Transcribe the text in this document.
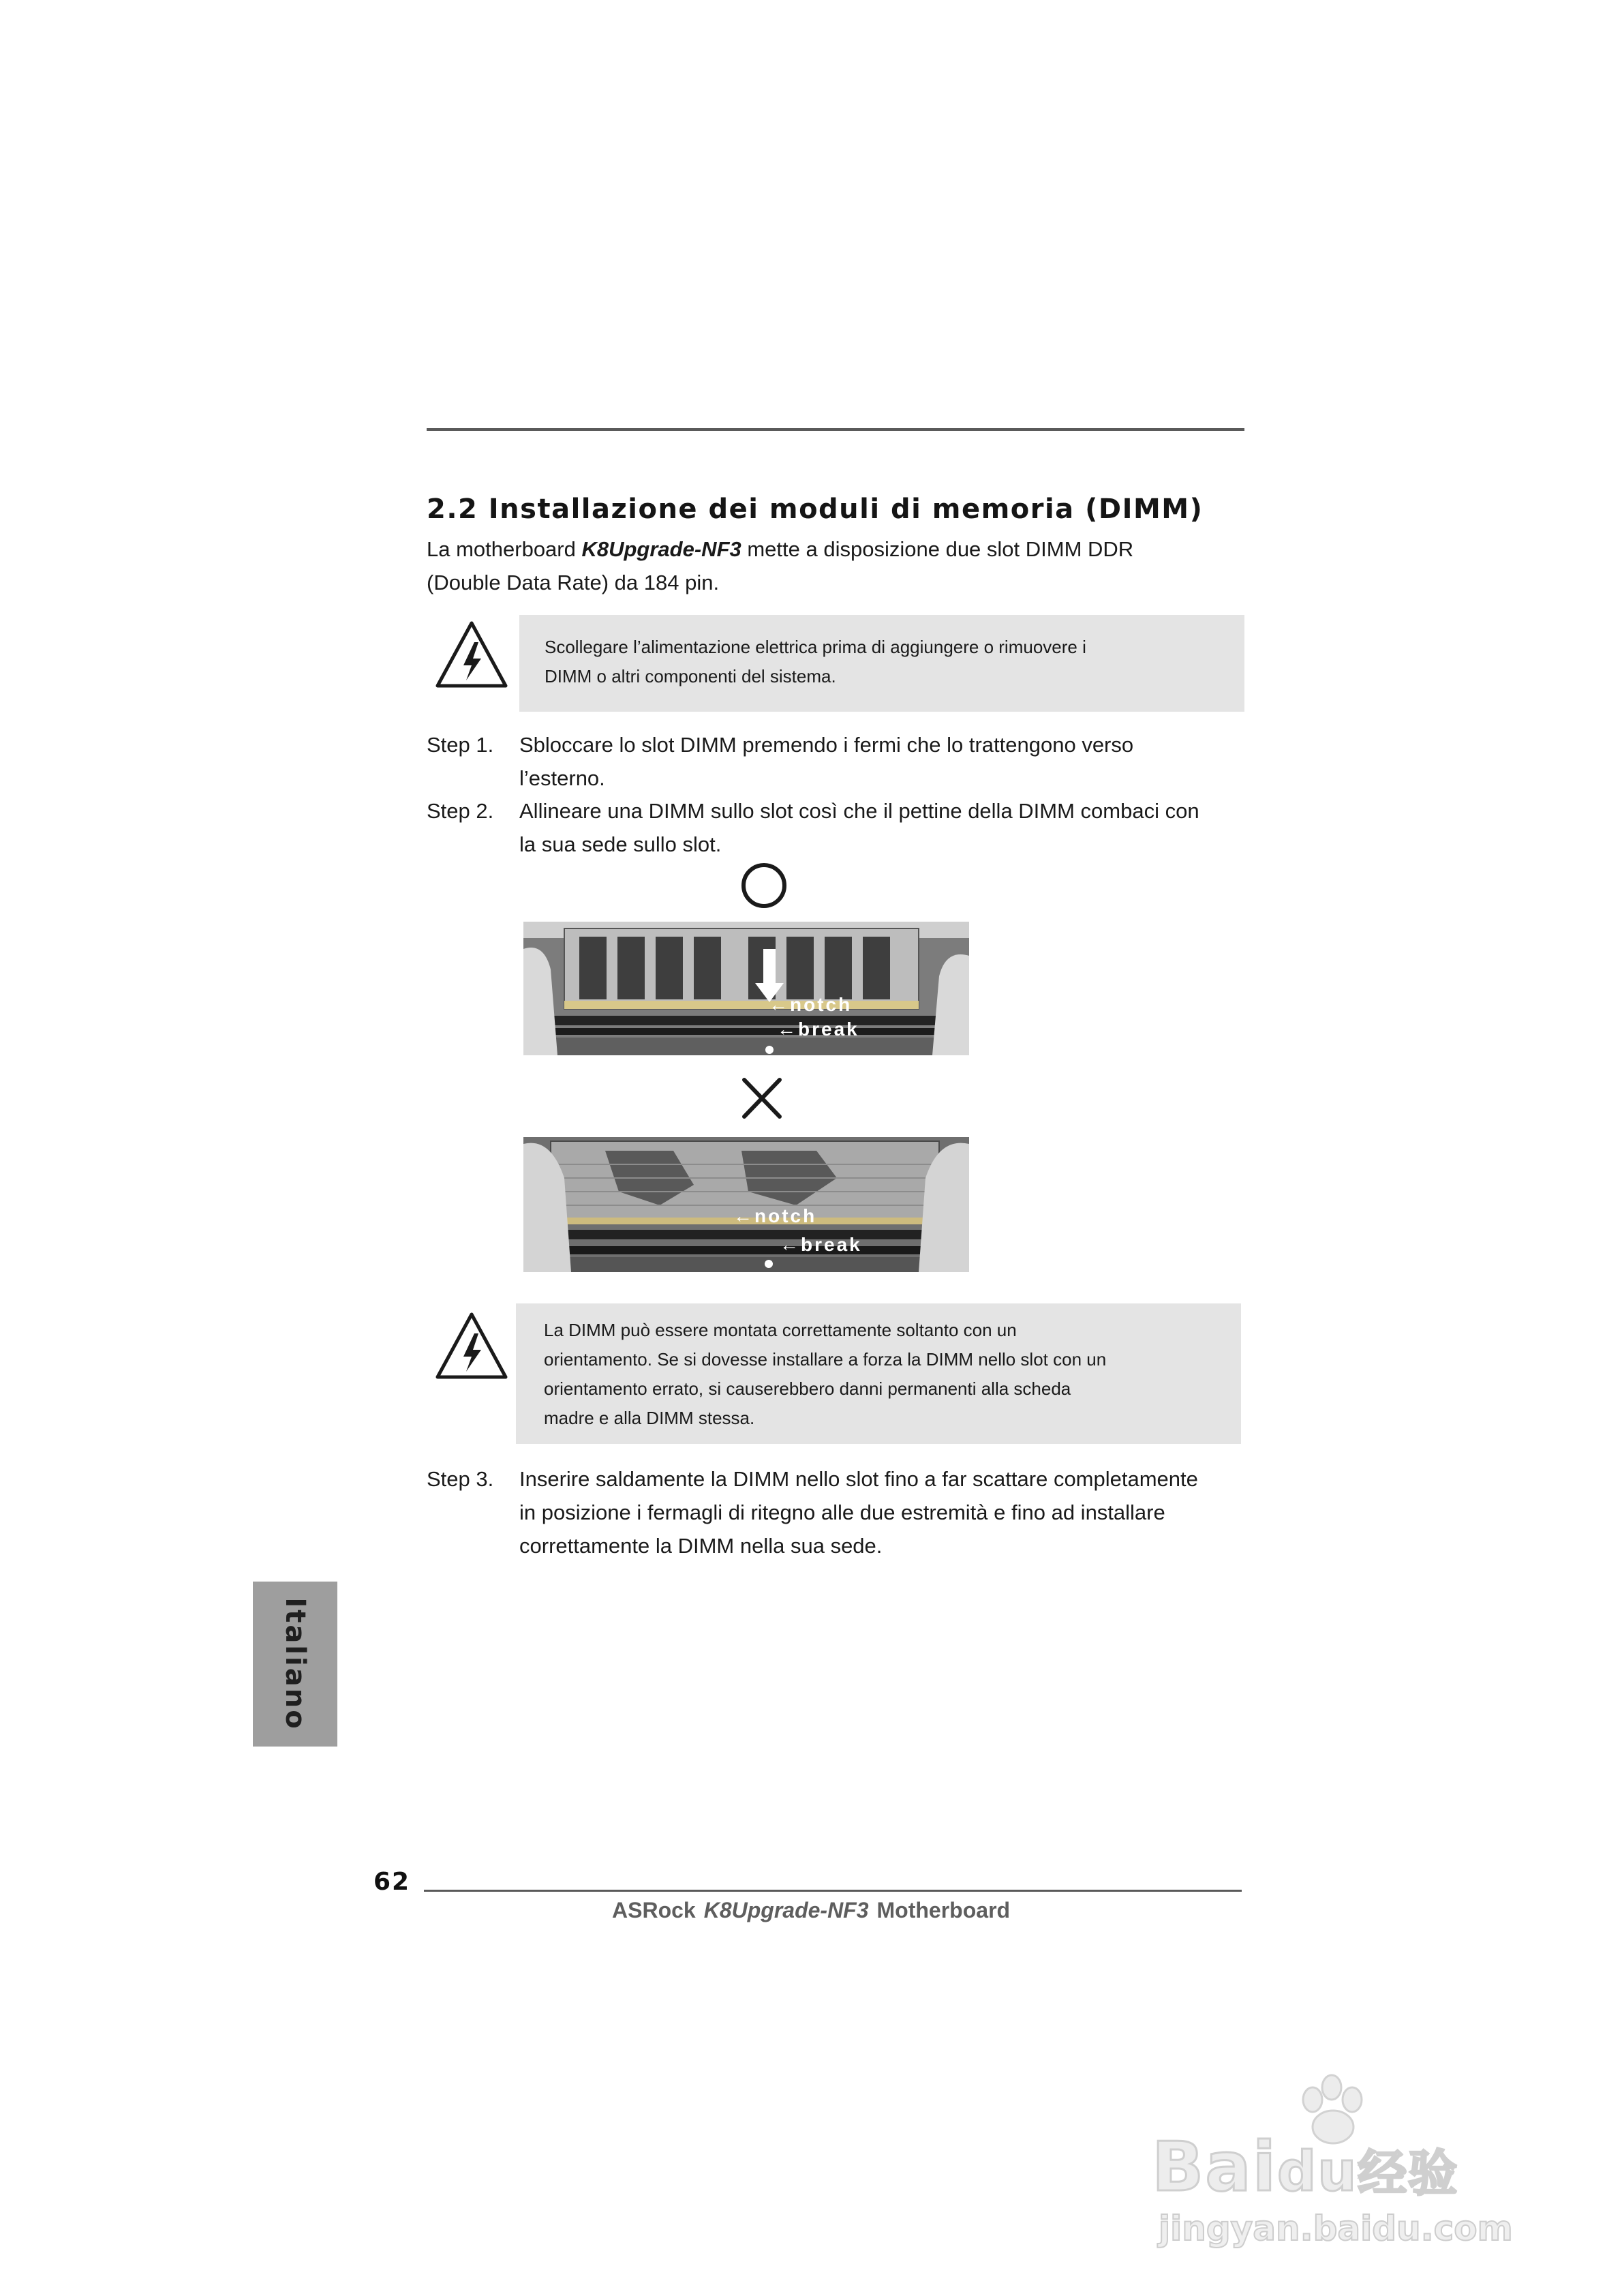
2.2 Installazione dei moduli di memoria (DIMM)
La motherboard K8Upgrade-NF3 mette a disposizione due slot DIMM DDR
(Double Data Rate) da 184 pin.
Scollegare l’alimentazione elettrica prima di aggiungere o rimuovere i
DIMM o altri componenti del sistema.
Step 1. Sbloccare lo slot DIMM premendo i fermi che lo trattengono verso
l’esterno.
Step 2. Allineare una DIMM sullo slot così che il pettine della DIMM combaci con
la sua sede sullo slot.
←notch
←break
←notch
←break
La DIMM può essere montata correttamente soltanto con un
orientamento. Se si dovesse installare a forza la DIMM nello slot con un
orientamento errato, si causerebbero danni permanenti alla scheda
madre e alla DIMM stessa.
Step 3. Inserire saldamente la DIMM nello slot fino a far scattare completamente
in posizione i fermagli di ritegno alle due estremità e fino ad installare
correttamente la DIMM nella sua sede.
Italiano
62
ASRock K8Upgrade-NF3 Motherboard
Baidu经验
jingyan.baidu.com
